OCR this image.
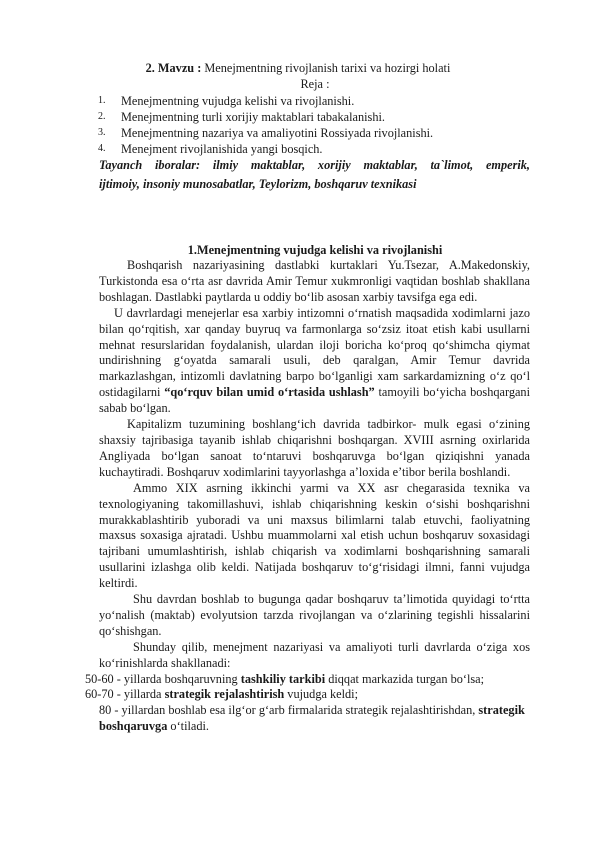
2. Mavzu : Menejmentning rivojlanish tarixi va hozirgi holati
Reja :
1. Menejmentning vujudga kelishi va rivojlanishi.
2. Menejmentning turli xorijiy maktablari tabakalanishi.
3. Menejmentning nazariya va amaliyotini Rossiyada rivojlanishi.
4. Menejment rivojlanishida yangi bosqich.
Tayanch iboralar: ilmiy maktablar, xorijiy maktablar, ta`limot, emperik,
ijtimoiy, insoniy munosabatlar, Teylorizm, boshqaruv texnikasi
1.Menejmentning vujudga kelishi va rivojlanishi

Boshqarish nazariyasining dastlabki kurtaklari Yu.Tsezar, A.Makedonskiy, Turkistonda esa o‘rta asr davrida Amir Temur xukmronligi vaqtidan boshlab shakllana boshlagan. Dastlabki paytlarda u oddiy bo‘lib asosan xarbiy tavsifga ega edi.

U davrlardagi menejerlar esa xarbiy intizomni o‘rnatish maqsadida xodimlarni jazo bilan qo‘rqitish, xar qanday buyruq va farmonlarga so‘zsiz itoat etish kabi usullarni mehnat resurslaridan foydalanish, ulardan iloji boricha ko‘proq qo‘shimcha qiymat undirishning g‘oyatda samarali usuli, deb qaralgan, Amir Temur davrida markazlashgan, intizomli davlatning barpo bo‘lganligi xam sarkardamizning o‘z qo‘l ostidagilarni “qo‘rquv bilan umid o‘rtasida ushlash” tamoyili bo‘yicha boshqargani sabab bo‘lgan.

Kapitalizm tuzumining boshlang‘ich davrida tadbirkor- mulk egasi o‘zining shaxsiy tajribasiga tayanib ishlab chiqarishni boshqargan. XVIII asrning oxirlarida Angliyada bo‘lgan sanoat to‘ntaruvi boshqaruvga bo‘lgan qiziqishni yanada kuchaytiradi. Boshqaruv xodimlarini tayyorlashga a’loxida e’tibor berila boshlandi.

Ammo XIX asrning ikkinchi yarmi va XX asr chegarasida texnika va texnologiyaning takomillashuvi, ishlab chiqarishning keskin o‘sishi boshqarishni murakkablashtirib yuboradi va uni maxsus bilimlarni talab etuvchi, faoliyatning maxsus soxasiga ajratadi. Ushbu muammolarni xal etish uchun boshqaruv soxasidagi tajribani umumlashtirish, ishlab chiqarish va xodimlarni boshqarishning samarali usullarini izlashga olib keldi. Natijada boshqaruv to‘g‘risidagi ilmni, fanni vujudga keltirdi.

Shu davrdan boshlab to bugunga qadar boshqaruv ta’limotida quyidagi to‘rtta yo‘nalish (maktab) evolyutsion tarzda rivojlangan va o‘zlarining tegishli hissalarini qo‘shishgan.

Shunday qilib, menejment nazariyasi va amaliyoti turli davrlarda o‘ziga xos ko‘rinishlarda shakllanadi:

50-60 - yillarda boshqaruvning tashkiliy tarkibi diqqat markazida turgan bo‘lsa;

60-70 - yillarda strategik rejalashtirish vujudga keldi;

80 - yillardan boshlab esa ilg‘or g‘arb firmalarida strategik rejalashtirishdan, strategik boshqaruvga o‘tiladi.
